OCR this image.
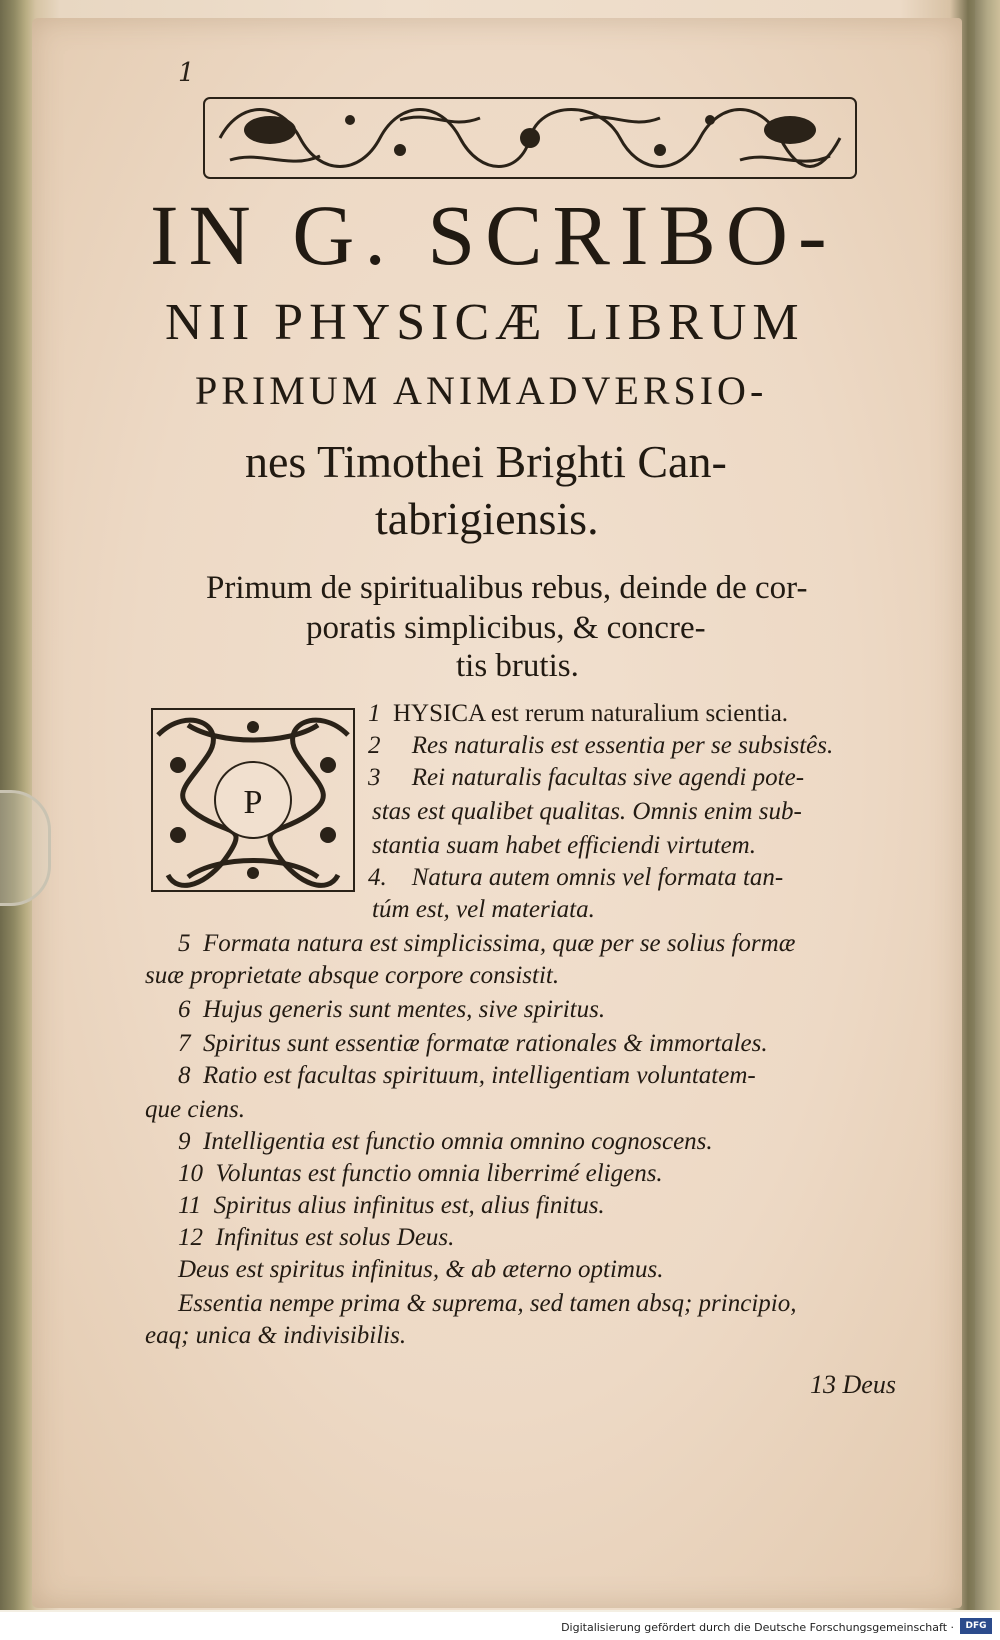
1
IN G. SCRIBO-
NII PHYSICÆ LIBRUM
PRIMUM ANIMADVERSIO-
nes Timothei Brighti Can-
tabrigiensis.
Primum de spiritualibus rebus, deinde de cor-
poratis simplicibus, & concre-
tis brutis.
P
1 HYSICA est rerum naturalium scientia.
2 Res naturalis est essentia per se subsistês.
3 Rei naturalis facultas sive agendi pote-
stas est qualibet qualitas. Omnis enim sub-
stantia suam habet efficiendi virtutem.
4. Natura autem omnis vel formata tan-
túm est, vel materiata.
5 Formata natura est simplicissima, quæ per se solius formæ
suæ proprietate absque corpore consistit.
6 Hujus generis sunt mentes, sive spiritus.
7 Spiritus sunt essentiæ formatæ rationales & immortales.
8 Ratio est facultas spirituum, intelligentiam voluntatem-
que ciens.
9 Intelligentia est functio omnia omnino cognoscens.
10 Voluntas est functio omnia liberrimé eligens.
11 Spiritus alius infinitus est, alius finitus.
12 Infinitus est solus Deus.
Deus est spiritus infinitus, & ab æterno optimus.
Essentia nempe prima & suprema, sed tamen absq; principio,
eaq; unica & indivisibilis.
13 Deus
Digitalisierung gefördert durch die Deutsche Forschungsgemeinschaft ·	DFG
